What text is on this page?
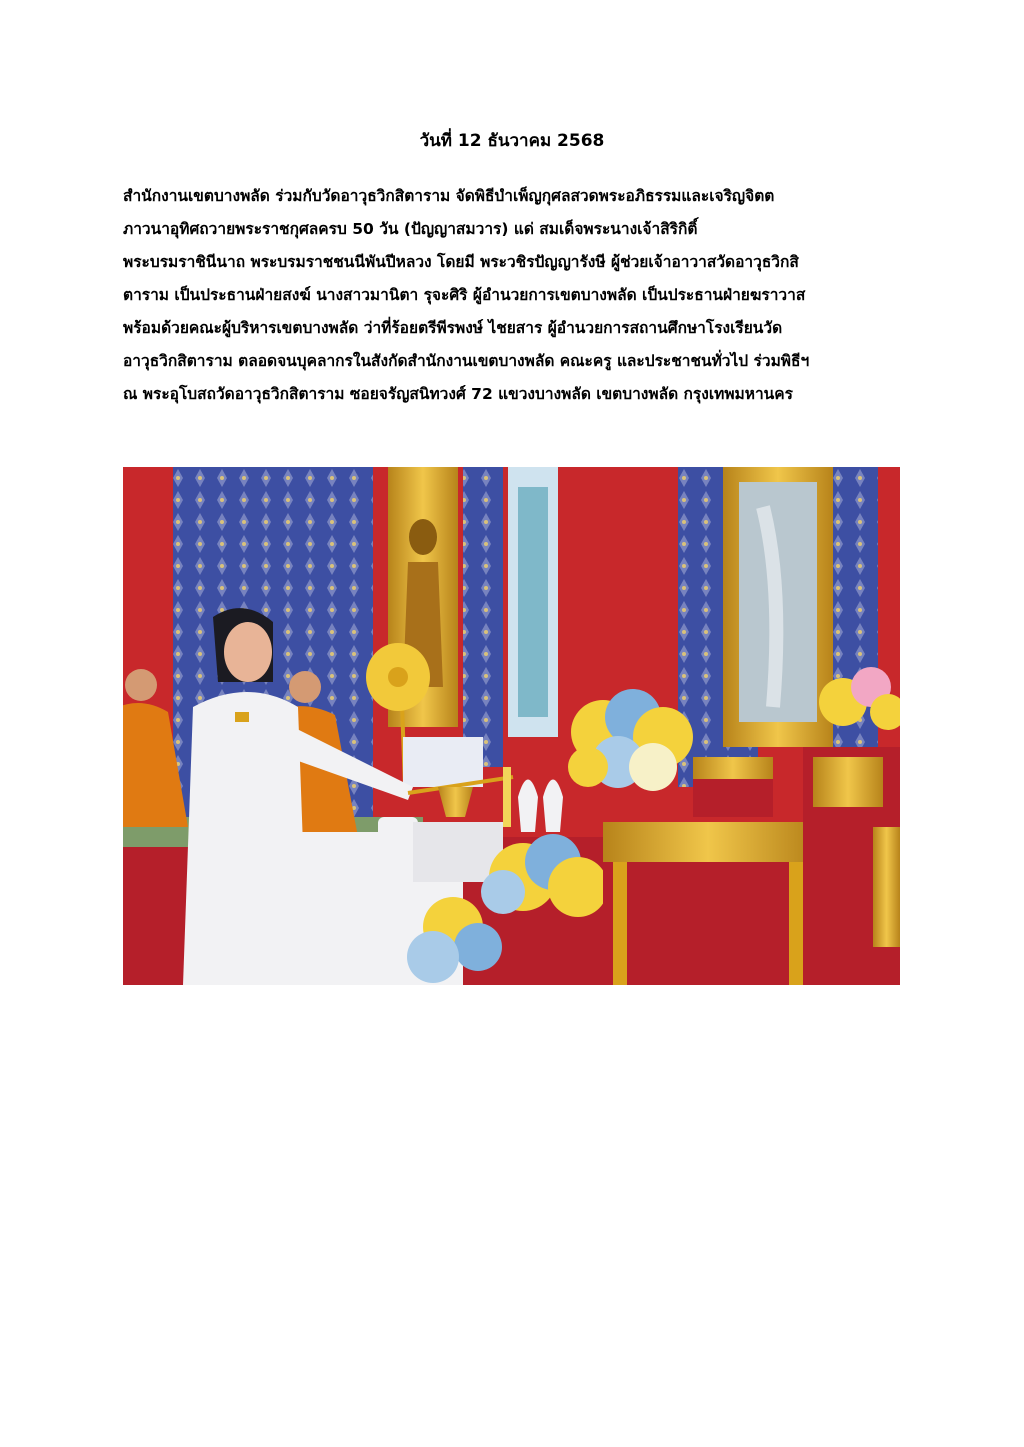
วันที่ 12 ธันวาคม 2568
สำนักงานเขตบางพลัด ร่วมกับวัดอาวุธวิกสิตาราม จัดพิธีบำเพ็ญกุศลสวดพระอภิธรรมและเจริญจิตต
ภาวนาอุทิศถวายพระราชกุศลครบ 50 วัน (ปัญญาสมวาร) แด่ สมเด็จพระนางเจ้าสิริกิติ์
พระบรมราชินีนาถ พระบรมราชชนนีพันปีหลวง โดยมี พระวชิรปัญญารังษี ผู้ช่วยเจ้าอาวาสวัดอาวุธวิกสิ
ตาราม เป็นประธานฝ่ายสงฆ์ นางสาวมานิตา รุจะศิริ ผู้อำนวยการเขตบางพลัด เป็นประธานฝ่ายฆราวาส
พร้อมด้วยคณะผู้บริหารเขตบางพลัด ว่าที่ร้อยตรีพีรพงษ์ ไชยสาร ผู้อำนวยการสถานศึกษาโรงเรียนวัด
อาวุธวิกสิตาราม ตลอดจนบุคลากรในสังกัดสำนักงานเขตบางพลัด คณะครู และประชาชนทั่วไป ร่วมพิธีฯ
ณ พระอุโบสถวัดอาวุธวิกสิตาราม ซอยจรัญสนิทวงศ์ 72 แขวงบางพลัด เขตบางพลัด กรุงเทพมหานคร
